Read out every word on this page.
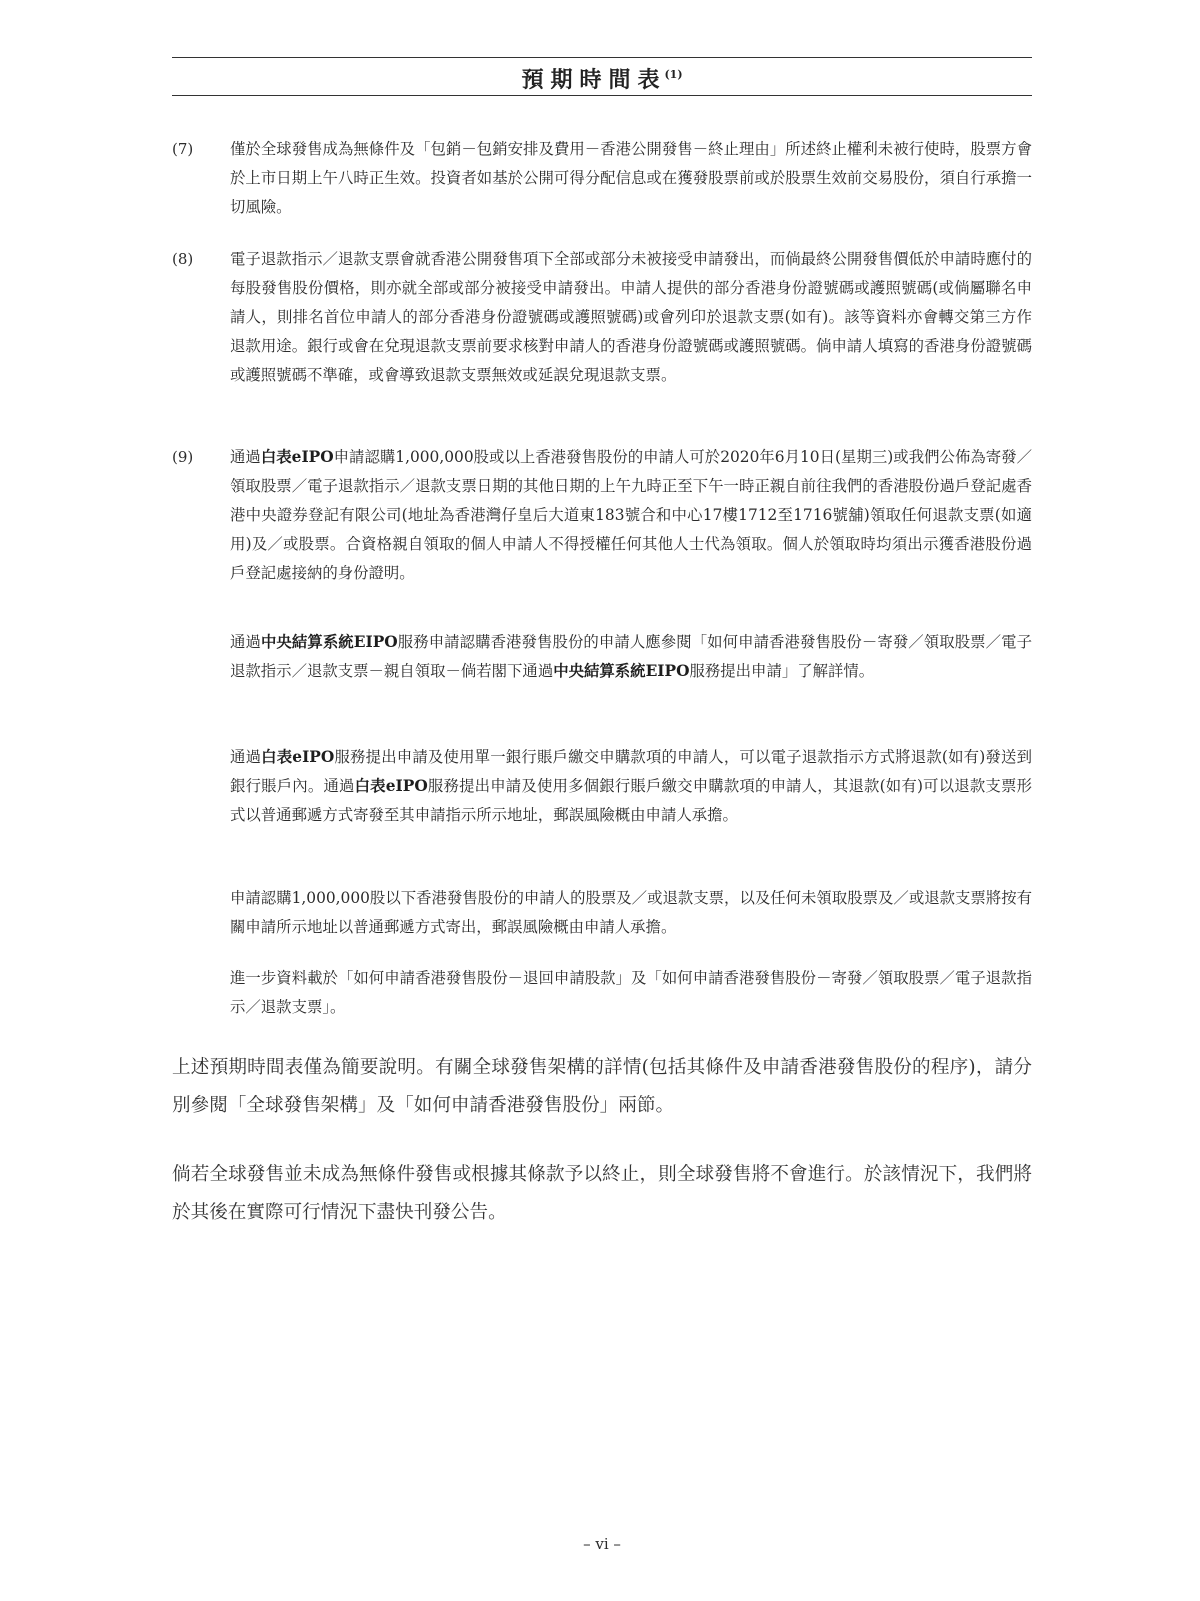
預期時間表$^{(1)}$
(7) 僅於全球發售成為無條件及「包銷－包銷安排及費用－香港公開發售－終止理由」所述終止權利未被行使時，股票方會於上市日期上午八時正生效。投資者如基於公開可得分配信息或在獲發股票前或於股票生效前交易股份，須自行承擔一切風險。
(8) 電子退款指示／退款支票會就香港公開發售項下全部或部分未被接受申請發出，而倘最終公開發售價低於申請時應付的每股發售股份價格，則亦就全部或部分被接受申請發出。申請人提供的部分香港身份證號碼或護照號碼(或倘屬聯名申請人，則排名首位申請人的部分香港身份證號碼或護照號碼)或會列印於退款支票(如有)。該等資料亦會轉交第三方作退款用途。銀行或會在兌現退款支票前要求核對申請人的香港身份證號碼或護照號碼。倘申請人填寫的香港身份證號碼或護照號碼不準確，或會導致退款支票無效或延誤兌現退款支票。
(9) 通過白表eIPO申請認購1,000,000股或以上香港發售股份的申請人可於2020年6月10日(星期三)或我們公佈為寄發／領取股票／電子退款指示／退款支票日期的其他日期的上午九時正至下午一時正親自前往我們的香港股份過戶登記處香港中央證券登記有限公司(地址為香港灣仔皇后大道東183號合和中心17樓1712至1716號舖)領取任何退款支票(如適用)及／或股票。合資格親自領取的個人申請人不得授權任何其他人士代為領取。個人於領取時均須出示獲香港股份過戶登記處接納的身份證明。
通過中央結算系統EIPO服務申請認購香港發售股份的申請人應參閱「如何申請香港發售股份－寄發／領取股票／電子退款指示／退款支票－親自領取－倘若閣下通過中央結算系統EIPO服務提出申請」了解詳情。
通過白表eIPO服務提出申請及使用單一銀行賬戶繳交申購款項的申請人，可以電子退款指示方式將退款(如有)發送到銀行賬戶內。通過白表eIPO服務提出申請及使用多個銀行賬戶繳交申購款項的申請人，其退款(如有)可以退款支票形式以普通郵遞方式寄發至其申請指示所示地址，郵誤風險概由申請人承擔。
申請認購1,000,000股以下香港發售股份的申請人的股票及／或退款支票，以及任何未領取股票及／或退款支票將按有關申請所示地址以普通郵遞方式寄出，郵誤風險概由申請人承擔。
進一步資料載於「如何申請香港發售股份－退回申請股款」及「如何申請香港發售股份－寄發／領取股票／電子退款指示／退款支票」。
上述預期時間表僅為簡要說明。有關全球發售架構的詳情(包括其條件及申請香港發售股份的程序)，請分別參閱「全球發售架構」及「如何申請香港發售股份」兩節。
倘若全球發售並未成為無條件發售或根據其條款予以終止，則全球發售將不會進行。於該情況下，我們將於其後在實際可行情況下盡快刊發公告。
– vi –
